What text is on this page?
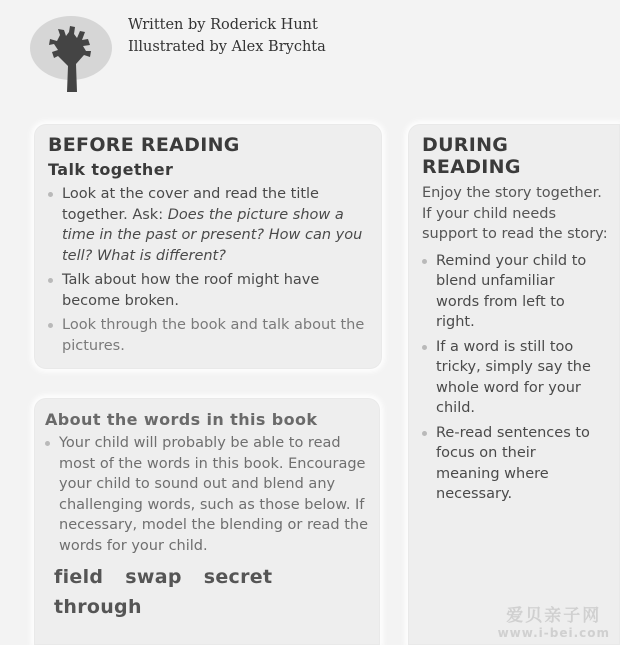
Written by Roderick Hunt
Illustrated by Alex Brychta
BEFORE READING
Talk together
Look at the cover and read the title together. Ask: Does the picture show a time in the past or present? How can you tell? What is different?
Talk about how the roof might have become broken.
Look through the book and talk about the pictures.
About the words in this book
Your child will probably be able to read most of the words in this book. Encourage your child to sound out and blend any challenging words, such as those below. If necessary, model the blending or read the words for your child.
field swap secret
through
DURING READING
Enjoy the story together. If your child needs support to read the story:
Remind your child to blend unfamiliar words from left to right.
If a word is still too tricky, simply say the whole word for your child.
Re-read sentences to focus on their meaning where necessary.
爱贝亲子网
www.i-bei.com
